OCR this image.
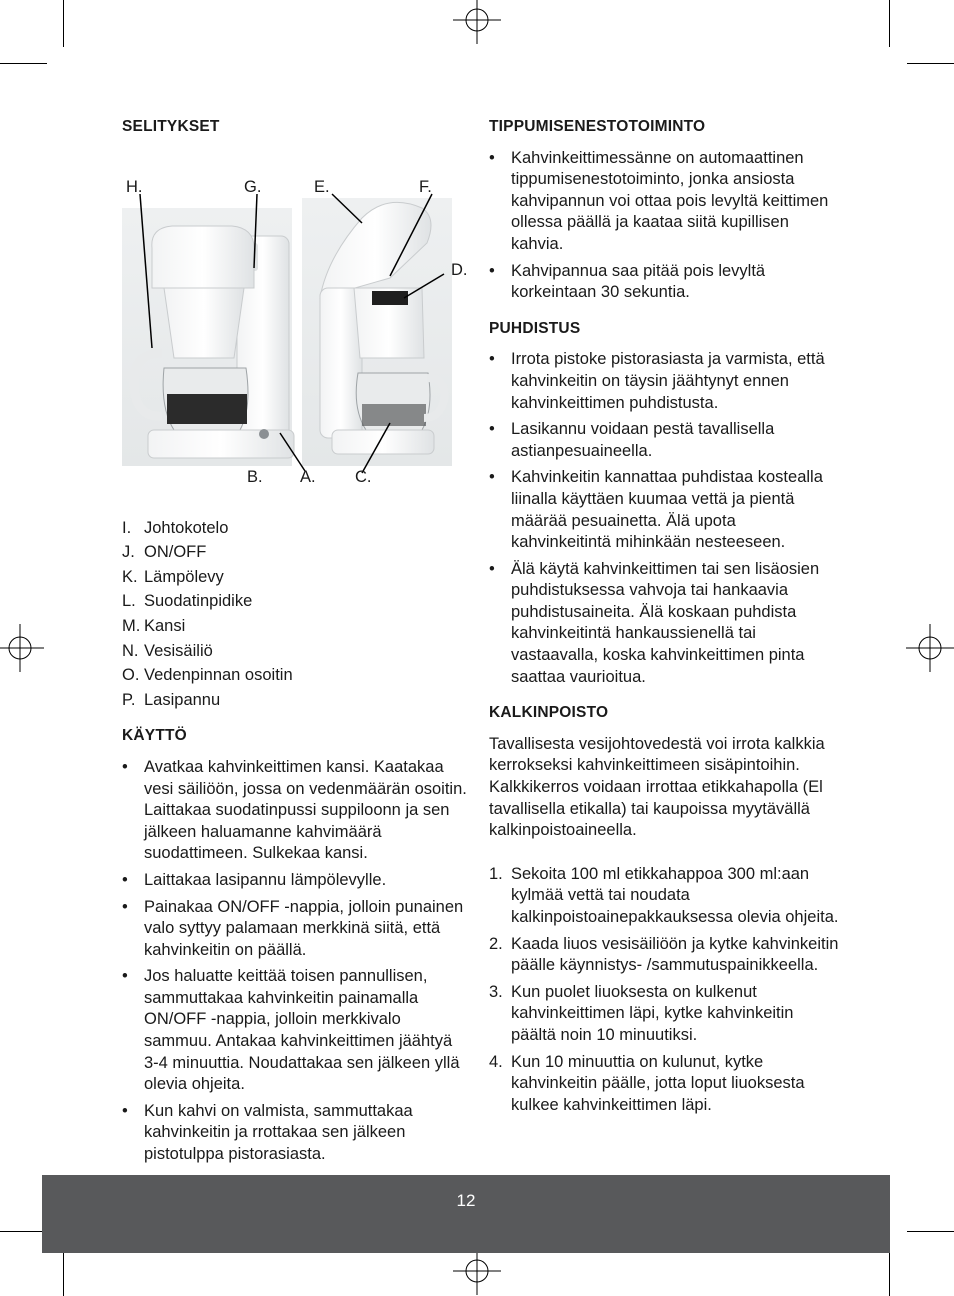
SELITYKSET
H.	G.	E.	F.
D.
B. A. C.
I. Johtokotelo
J. ON/OFF
K. Lämpölevy
L. Suodatinpidike
M. Kansi
N. Vesisäiliö
O. Vedenpinnan osoitin
P. Lasipannu
KÄYTTÖ
• Avatkaa kahvinkeittimen kansi. Kaatakaa vesi säiliöön, jossa on vedenmäärän osoitin. Laittakaa suodatinpussi suppiloonn ja sen jälkeen haluamanne kahvimäärä suodattimeen. Sulkekaa kansi.
• Laittakaa lasipannu lämpölevylle.
• Painakaa ON/OFF -nappia, jolloin punainen valo syttyy palamaan merkkinä siitä, että kahvinkeitin on päällä.
• Jos haluatte keittää toisen pannullisen, sammuttakaa kahvinkeitin painamalla ON/OFF -nappia, jolloin merkkivalo sammuu. Antakaa kahvinkeittimen jäähtyä 3-4 minuuttia. Noudattakaa sen jälkeen yllä olevia ohjeita.
• Kun kahvi on valmista, sammuttakaa kahvinkeitin ja rrottakaa sen jälkeen pistotulppa pistorasiasta.
TIPPUMISENESTOTOIMINTO
• Kahvinkeittimessänne on automaattinen tippumisenestotoiminto, jonka ansiosta kahvipannun voi ottaa pois levyltä keittimen ollessa päällä ja kaataa siitä kupillisen kahvia.
• Kahvipannua saa pitää pois levyltä korkeintaan 30 sekuntia.
PUHDISTUS
• Irrota pistoke pistorasiasta ja varmista, että kahvinkeitin on täysin jäähtynyt ennen kahvinkeittimen puhdistusta.
• Lasikannu voidaan pestä tavallisella astianpesuaineella.
• Kahvinkeitin kannattaa puhdistaa kostealla liinalla käyttäen kuumaa vettä ja pientä määrää pesuainetta. Älä upota kahvinkeitintä mihinkään nesteeseen.
• Älä käytä kahvinkeittimen tai sen lisäosien puhdistuksessa vahvoja tai hankaavia puhdistusaineita. Älä koskaan puhdista kahvinkeitintä hankaussienellä tai vastaavalla, koska kahvinkeittimen pinta saattaa vaurioitua.
KALKINPOISTO

Tavallisesta vesijohtovedestä voi irrota kalkkia kerrokseksi kahvinkeittimeen sisäpintoihin. Kalkkikerros voidaan irrottaa etikkahapolla (El tavallisella etikalla) tai kaupoissa myytävällä kalkinpoistoaineella.

1. Sekoita 100 ml etikkahappoa 300 ml:aan kylmää vettä tai noudata kalkinpoistoainepakkauksessa olevia ohjeita.
2. Kaada liuos vesisäiliöön ja kytke kahvinkeitin päälle käynnistys- /sammutuspainikkeella.
3. Kun puolet liuoksesta on kulkenut kahvinkeittimen läpi, kytke kahvinkeitin päältä noin 10 minuutiksi.
4. Kun 10 minuuttia on kulunut, kytke kahvinkeitin päälle, jotta loput liuoksesta kulkee kahvinkeittimen läpi.
12
